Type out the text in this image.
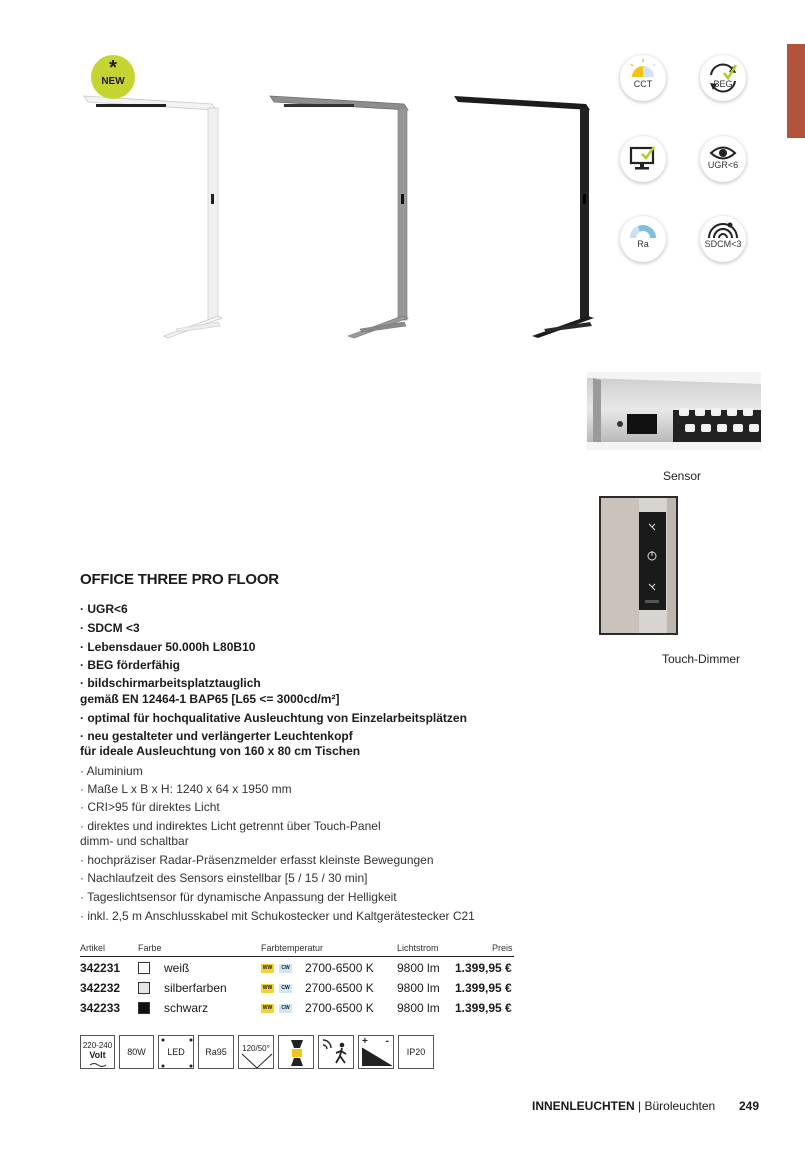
*
NEW	CCT	BEG
UGR<6
Ra	SDCM<3
Sensor
Touch-Dimmer
OFFICE THREE PRO FLOOR
· UGR<6
· SDCM <3
· Lebensdauer 50.000h L80B10
· BEG förderfähig
· bildschirmarbeitsplatztauglich
gemäß EN 12464-1 BAP65 [L65 <= 3000cd/m²]
· optimal für hochqualitative Ausleuchtung von Einzelarbeitsplätzen
· neu gestalteter und verlängerter Leuchtenkopf
für ideale Ausleuchtung von 160 x 80 cm Tischen
· Aluminium
· Maße L x B x H: 1240 x 64 x 1950 mm
· CRI>95 für direktes Licht
· direktes und indirektes Licht getrennt über Touch-Panel
dimm- und schaltbar
· hochpräziser Radar-Präsenzmelder erfasst kleinste Bewegungen
· Nachlaufzeit des Sensors einstellbar [5 / 15 / 30 min]
· Tageslichtsensor für dynamische Anpassung der Helligkeit
· inkl. 2,5 m Anschlusskabel mit Schukostecker und Kaltgerätestecker C21
Artikel	Farbe	Farbtemperatur	Lichtstrom	Preis
342231	weiß	WW	CW 2700-6500 K 9800 lm 1.399,95 €
342232	silberfarben	WW	CW 2700-6500 K 9800 lm 1.399,95 €
342233	schwarz	WW	CW 2700-6500 K 9800 lm 1.399,95 €
220-240
Volt	80W	LED	Ra95	120/50°
+ -
IP20
INNENLEUCHTEN | Büroleuchten 249
